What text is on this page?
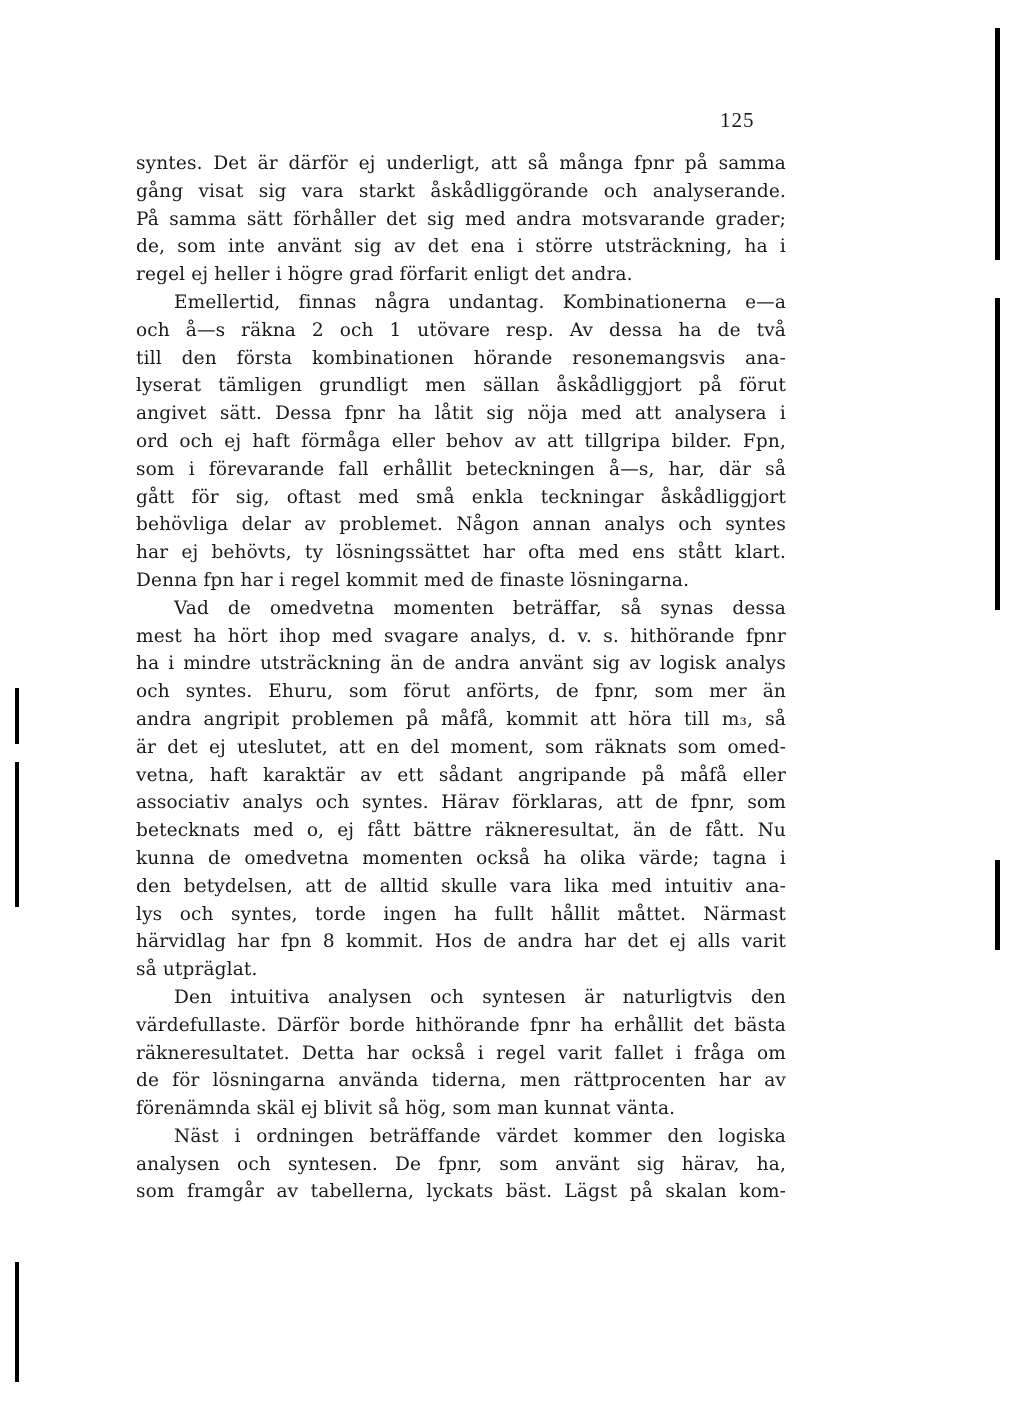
125
syntes. Det är därför ej underligt, att så många fpnr på samma
gång visat sig vara starkt åskådliggörande och analyserande.
På samma sätt förhåller det sig med andra motsvarande grader;
de, som inte använt sig av det ena i större utsträckning, ha i
regel ej heller i högre grad förfarit enligt det andra.
Emellertid, finnas några undantag. Kombinationerna e—a
och å—s räkna 2 och 1 utövare resp. Av dessa ha de två
till den första kombinationen hörande resonemangsvis ana-
lyserat tämligen grundligt men sällan åskådliggjort på förut
angivet sätt. Dessa fpnr ha låtit sig nöja med att analysera i
ord och ej haft förmåga eller behov av att tillgripa bilder. Fpn,
som i förevarande fall erhållit beteckningen å—s, har, där så
gått för sig, oftast med små enkla teckningar åskådliggjort
behövliga delar av problemet. Någon annan analys och syntes
har ej behövts, ty lösningssättet har ofta med ens stått klart.
Denna fpn har i regel kommit med de finaste lösningarna.
Vad de omedvetna momenten beträffar, så synas dessa
mest ha hört ihop med svagare analys, d. v. s. hithörande fpnr
ha i mindre utsträckning än de andra använt sig av logisk analys
och syntes. Ehuru, som förut anförts, de fpnr, som mer än
andra angripit problemen på måfå, kommit att höra till m₃, så
är det ej uteslutet, att en del moment, som räknats som omed-
vetna, haft karaktär av ett sådant angripande på måfå eller
associativ analys och syntes. Härav förklaras, att de fpnr, som
betecknats med o, ej fått bättre räkneresultat, än de fått. Nu
kunna de omedvetna momenten också ha olika värde; tagna i
den betydelsen, att de alltid skulle vara lika med intuitiv ana-
lys och syntes, torde ingen ha fullt hållit måttet. Närmast
härvidlag har fpn 8 kommit. Hos de andra har det ej alls varit
så utpräglat.
Den intuitiva analysen och syntesen är naturligtvis den
värdefullaste. Därför borde hithörande fpnr ha erhållit det bästa
räkneresultatet. Detta har också i regel varit fallet i fråga om
de för lösningarna använda tiderna, men rättprocenten har av
förenämnda skäl ej blivit så hög, som man kunnat vänta.
Näst i ordningen beträffande värdet kommer den logiska
analysen och syntesen. De fpnr, som använt sig härav, ha,
som framgår av tabellerna, lyckats bäst. Lägst på skalan kom-
